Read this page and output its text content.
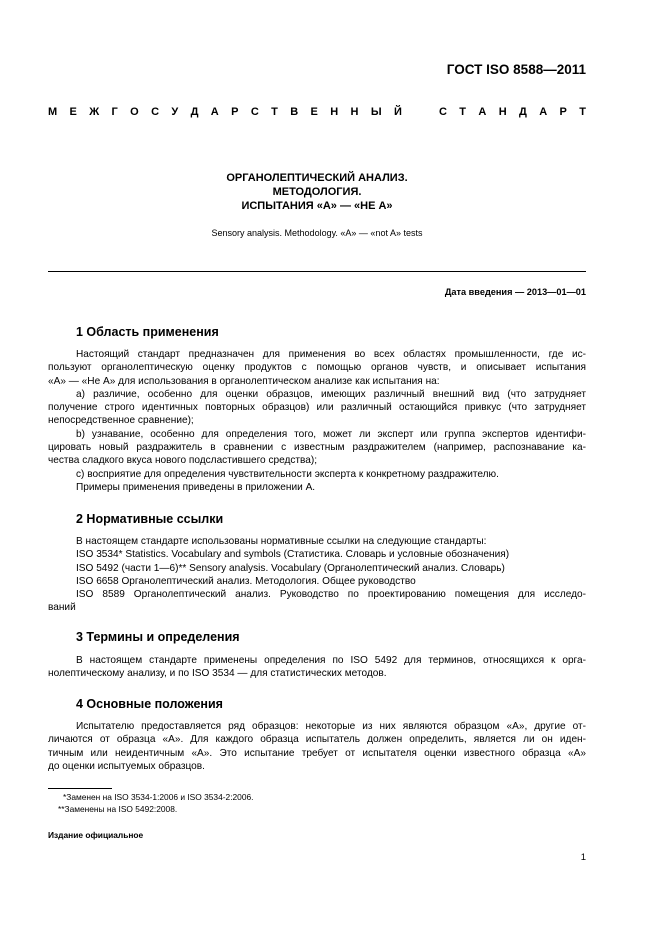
ГОСТ ISO 8588—2011
М Е Ж Г О С У Д А Р С Т В Е Н Н Ы Й	С Т А Н Д А Р Т
ОРГАНОЛЕПТИЧЕСКИЙ АНАЛИЗ.
МЕТОДОЛОГИЯ.
ИСПЫТАНИЯ «А» — «НЕ А»
Sensory analysis. Methodology. «A» — «not A» tests
Дата введения — 2013—01—01
1 Область применения
Настоящий стандарт предназначен для применения во всех областях промышленности, где ис-
пользуют органолептическую оценку продуктов с помощью органов чувств, и описывает испытания
«А» — «Не А» для использования в органолептическом анализе как испытания на:
a) различие, особенно для оценки образцов, имеющих различный внешний вид (что затрудняет
получение строго идентичных повторных образцов) или различный остающийся привкус (что затрудняет
непосредственное сравнение);
b) узнавание, особенно для определения того, может ли эксперт или группа экспертов идентифи-
цировать новый раздражитель в сравнении с известным раздражителем (например, распознавание ка-
чества сладкого вкуса нового подсластившего средства);
c) восприятие для определения чувствительности эксперта к конкретному раздражителю.
Примеры применения приведены в приложении А.
2 Нормативные ссылки
В настоящем стандарте использованы нормативные ссылки на следующие стандарты:
ISO 3534* Statistics. Vocabulary and symbols (Статистика. Словарь и условные обозначения)
ISO 5492 (части 1—6)** Sensory analysis. Vocabulary (Органолептический анализ. Словарь)
ISO 6658 Органолептический анализ. Методология. Общее руководство
ISO 8589 Органолептический анализ. Руководство по проектированию помещения для исследо-
ваний
3 Термины и определения
В настоящем стандарте применены определения по ISO 5492 для терминов, относящихся к орга-
нолептическому анализу, и по ISO 3534 — для статистических методов.
4 Основные положения
Испытателю предоставляется ряд образцов: некоторые из них являются образцом «А», другие от-
личаются от образца «А». Для каждого образца испытатель должен определить, является ли он иден-
тичным или неидентичным «А». Это испытание требует от испытателя оценки известного образца «А»
до оценки испытуемых образцов.
*Заменен на ISO 3534-1:2006 и ISO 3534-2:2006.
**Заменены на ISO 5492:2008.
Издание официальное
1
